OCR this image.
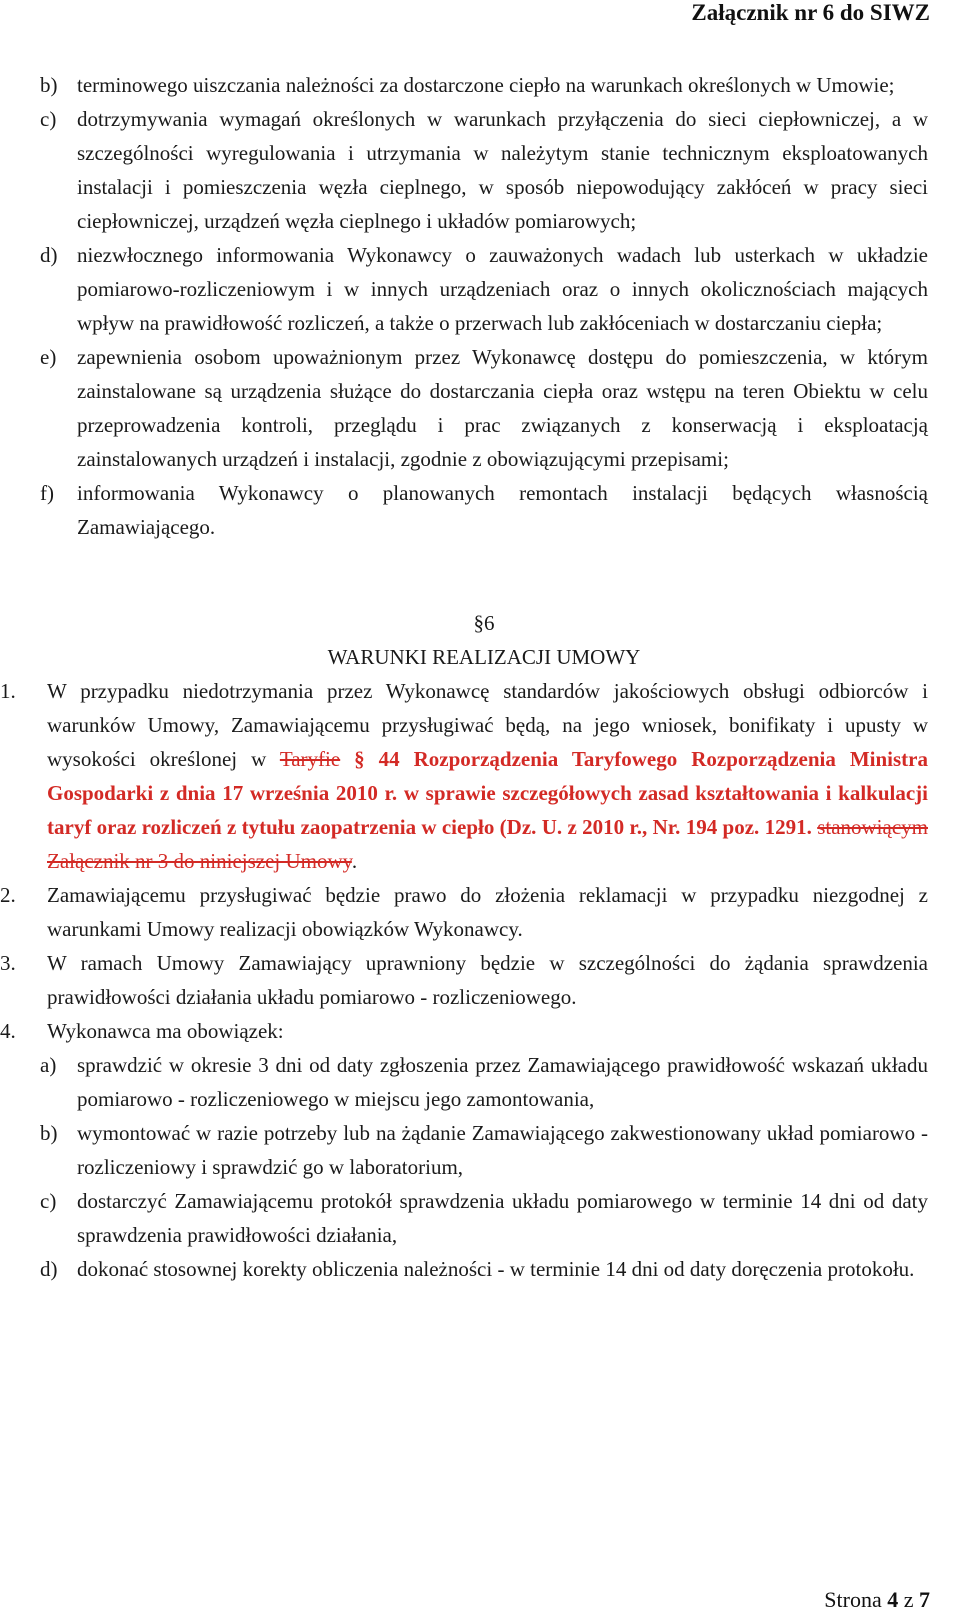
Załącznik nr 6 do SIWZ
b) terminowego uiszczania należności za dostarczone ciepło na warunkach określonych w Umowie;
c) dotrzymywania wymagań określonych w warunkach przyłączenia do sieci ciepłowniczej, a w szczególności wyregulowania i utrzymania w należytym stanie technicznym eksploatowanych instalacji i pomieszczenia węzła cieplnego, w sposób niepowodujący zakłóceń w pracy sieci ciepłowniczej, urządzeń węzła cieplnego i układów pomiarowych;
d) niezwłocznego informowania Wykonawcy o zauważonych wadach lub usterkach w układzie pomiarowo-rozliczeniowym i w innych urządzeniach oraz o innych okolicznościach mających wpływ na prawidłowość rozliczeń, a także o przerwach lub zakłóceniach w dostarczaniu ciepła;
e) zapewnienia osobom upoważnionym przez Wykonawcę dostępu do pomieszczenia, w którym zainstalowane są urządzenia służące do dostarczania ciepła oraz wstępu na teren Obiektu w celu przeprowadzenia kontroli, przeglądu i prac związanych z konserwacją i eksploatacją zainstalowanych urządzeń i instalacji, zgodnie z obowiązującymi przepisami;
f)	informowania Wykonawcy o planowanych remontach instalacji będących własnością Zamawiającego.
§6
WARUNKI REALIZACJI UMOWY
1.	W przypadku niedotrzymania przez Wykonawcę standardów jakościowych obsługi odbiorców i warunków Umowy, Zamawiającemu przysługiwać będą, na jego wniosek, bonifikaty i upusty w wysokości określonej w Taryfie § 44 Rozporządzenia Taryfowego Rozporządzenia Ministra Gospodarki z dnia 17 września 2010 r. w sprawie szczegółowych zasad kształtowania i kalkulacji taryf oraz rozliczeń z tytułu zaopatrzenia w ciepło (Dz. U. z 2010 r., Nr. 194 poz. 1291. stanowiącym Załącznik nr 3 do niniejszej Umowy.
2.	Zamawiającemu przysługiwać będzie prawo do złożenia reklamacji w przypadku niezgodnej z warunkami Umowy realizacji obowiązków Wykonawcy.
3.	W ramach Umowy Zamawiający uprawniony będzie w szczególności do żądania sprawdzenia prawidłowości działania układu pomiarowo - rozliczeniowego.
4.	Wykonawca ma obowiązek:
a) sprawdzić w okresie 3 dni od daty zgłoszenia przez Zamawiającego prawidłowość wskazań układu pomiarowo - rozliczeniowego w miejscu jego zamontowania,
b) wymontować w razie potrzeby lub na żądanie Zamawiającego zakwestionowany układ pomiarowo - rozliczeniowy i sprawdzić go w laboratorium,
c) dostarczyć Zamawiającemu protokół sprawdzenia układu pomiarowego w terminie 14 dni od daty sprawdzenia prawidłowości działania,
d) dokonać stosownej korekty obliczenia należności - w terminie 14 dni od daty doręczenia protokołu.
Strona 4 z 7
